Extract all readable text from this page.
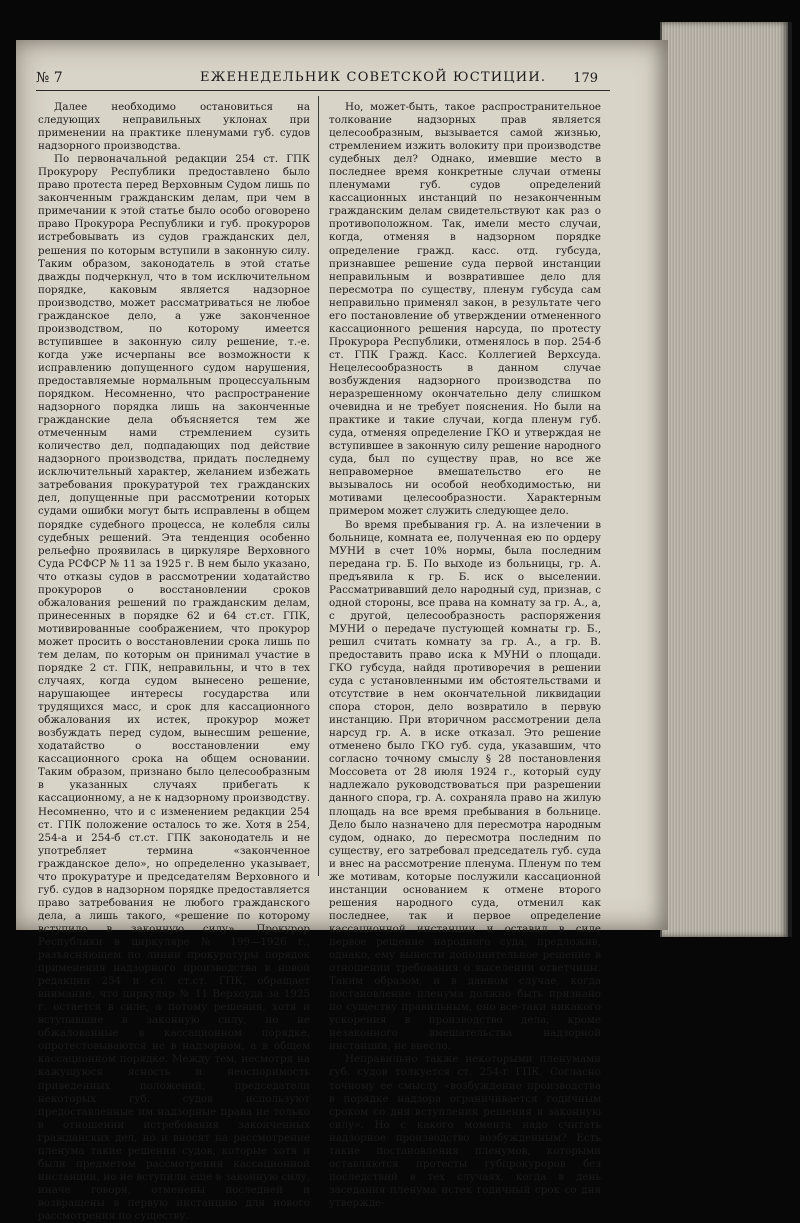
№ 7	ЕЖЕНЕДЕЛЬНИК СОВЕТСКОЙ ЮСТИЦИИ. 179

Далее необходимо остановиться на следующих неправильных уклонах при применении на практике пленумами губ. судов надзорного производства.

По первоначальной редакции 254 ст. ГПК Прокурору Республики предоставлено было право протеста перед Верховным Судом лишь по законченным гражданским делам, при чем в примечании к этой статье было особо оговорено право Прокурора Республики и губ. прокуроров истребовывать из судов гражданских дел, решения по которым вступили в законную силу. Таким образом, законодатель в этой статье дважды подчеркнул, что в том исключительном порядке, каковым является надзорное производство, может рассматриваться не любое гражданское дело, а уже законченное производством, по которому имеется вступившее в законную силу решение, т.-е. когда уже исчерпаны все возможности к исправлению допущенного судом нарушения, предоставляемые нормальным процессуальным порядком. Несомненно, что распространение надзорного порядка лишь на законченные гражданские дела объясняется тем же отмеченным нами стремлением сузить количество дел, подпадающих под действие надзорного производства, придать последнему исключительный характер, желанием избежать затребования прокуратурой тех гражданских дел, допущенные при рассмотрении которых судами ошибки могут быть исправлены в общем порядке судебного процесса, не колебля силы судебных решений. Эта тенденция особенно рельефно проявилась в циркуляре Верховного Суда РСФСР № 11 за 1925 г. В нем было указано, что отказы судов в рассмотрении ходатайство прокуроров о восстановлении сроков обжалования решений по гражданским делам, принесенных в порядке 62 и 64 ст.ст. ГПК, мотивированные соображением, что прокурор может просить о восстановлении срока лишь по тем делам, по которым он принимал участие в порядке 2 ст. ГПК, неправильны, и что в тех случаях, когда судом вынесено решение, нарушающее интересы государства или трудящихся масс, и срок для кассационного обжалования их истек, прокурор может возбуждать перед судом, вынесшим решение, ходатайство о восстановлении ему кассационного срока на общем основании. Таким образом, признано было целесообразным в указанных случаях прибегать к кассационному, а не к надзорному производству. Несомненно, что и с изменением редакции 254 ст. ГПК положение осталось то же. Хотя в 254, 254-а и 254-б ст.ст. ГПК законодатель и не употребляет термина «законченное гражданское дело», но определенно указывает, что прокуратуре и председателям Верховного и губ. судов в надзорном порядке предоставляется право затребования не любого гражданского дела, а лишь такого, «решение по которому вступило в законную силу». Прокурор Республики в циркуляре № 199—1926 г., разъясняющем по линии прокуратуры порядок применения надзорного производства в новой редакции 254 и сл. ст.ст. ГПК, обращает внимание, что циркуляр № 11 Верхсуда за 1925 г. остается в силе, а потому решения, хотя и вступившие в законную силу, но не обжалованные в кассационном порядке, опротестовываются не в надзорном, а в общем кассационном порядке. Между тем, несмотря на кажущуюся ясность и неоспоримость приведенных положений, председатели некоторых губ. судов используют предоставленные им надзорные права не только в отношении истребования законченных гражданских дел, но и вносят на рассмотрение пленума такие решения судов, которые хотя и были предметом рассмотрения кассационной инстанции, но не вступили еще в законную силу, иначе говоря, отменены последней и возвращены в первую инстанцию для нового рассмотрения по существу.

Но, может-быть, такое распространительное толкование надзорных прав является целесообразным, вызывается самой жизнью, стремлением изжить волокиту при производстве судебных дел? Однако, имевшие место в последнее время конкретные случаи отмены пленумами губ. судов определений кассационных инстанций по незаконченным гражданским делам свидетельствуют как раз о противоположном. Так, имели место случаи, когда, отменяя в надзорном порядке определение гражд. касс. отд. губсуда, признавшее решение суда первой инстанции неправильным и возвратившее дело для пересмотра по существу, пленум губсуда сам неправильно применял закон, в результате чего его постановление об утверждении отмененного кассационного решения нарсуда, по протесту Прокурора Республики, отменялось в пор. 254-б ст. ГПК Гражд. Касс. Коллегией Верхсуда. Нецелесообразность в данном случае возбуждения надзорного производства по неразрешенному окончательно делу слишком очевидна и не требует пояснения. Но были на практике и такие случаи, когда пленум губ. суда, отменяя определение ГКО и утверждая не вступившее в законную силу решение народного суда, был по существу прав, но все же неправомерное вмешательство его не вызывалось ни особой необходимостью, ни мотивами целесообразности. Характерным примером может служить следующее дело.

Во время пребывания гр. А. на излечении в больнице, комната ее, полученная ею по ордеру МУНИ в счет 10% нормы, была последним передана гр. Б. По выходе из больницы, гр. А. предъявила к гр. Б. иск о выселении. Рассматривавший дело народный суд, признав, с одной стороны, все права на комнату за гр. А., а, с другой, целесообразность распоряжения МУНИ о передаче пустующей комнаты гр. Б., решил считать комнату за гр. А., а гр. В. предоставить право иска к МУНИ о площади. ГКО губсуда, найдя противоречия в решении суда с установленными им обстоятельствами и отсутствие в нем окончательной ликвидации спора сторон, дело возвратило в первую инстанцию. При вторичном рассмотрении дела нарсуд гр. А. в иске отказал. Это решение отменено было ГКО губ. суда, указавшим, что согласно точному смыслу § 28 постановления Моссовета от 28 июля 1924 г., который суду надлежало руководствоваться при разрешении данного спора, гр. А. сохраняла право на жилую площадь на все время пребывания в больнице. Дело было назначено для пересмотра народным судом, однако, до пересмотра последним по существу, его затребовал председатель губ. суда и внес на рассмотрение пленума. Пленум по тем же мотивам, которые послужили кассационной инстанции основанием к отмене второго решения народного суда, отменил как последнее, так и первое определение кассационной инстанции и оставил в силе первое решение народного суда, предложив, однако, ему вынести дополнительное решение в отношении требования о выселении ответчицы. Таким образом, и в данном случае, когда постановление пленума должно быть признано по существу правильным, оно все-таки никакого ускорения в производство дела, кроме незаконного вмешательства надзорной инстанции, не внесло.

Неправильно также некоторыми пленумами губ. судов толкуется ст. 254-г ГПК. Согласно точному ее смыслу «возбуждение производства в порядке надзора ограничивается годичным сроком со дня вступления решения в законную силу». Но с какого момента надо считать надзорное производство возбужденным? Есть такие постановления пленумов, которыми оставляются протесты губпрокуроров без последствий в тех случаях, когда в день заседания пленума истек годичный срок со дня утвержде-
